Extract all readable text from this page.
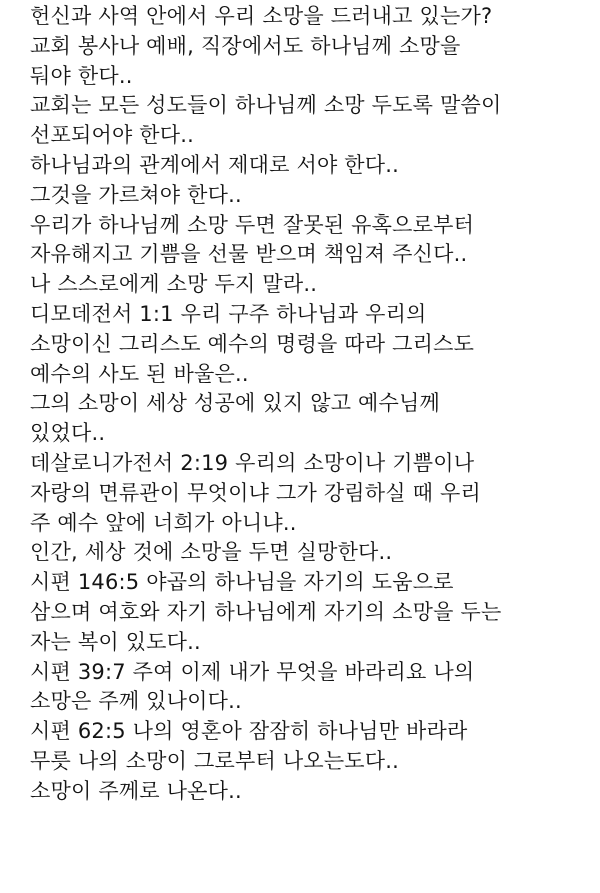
헌신과 사역 안에서 우리 소망을 드러내고 있는가?
교회 봉사나 예배, 직장에서도 하나님께 소망을
둬야 한다..
교회는 모든 성도들이 하나님께 소망 두도록 말씀이
선포되어야 한다..
하나님과의 관계에서 제대로 서야 한다..
그것을 가르쳐야 한다..
우리가 하나님께 소망 두면 잘못된 유혹으로부터
자유해지고 기쁨을 선물 받으며 책임져 주신다..
나 스스로에게 소망 두지 말라..
디모데전서 1:1 우리 구주 하나님과 우리의
소망이신 그리스도 예수의 명령을 따라 그리스도
예수의 사도 된 바울은..
그의 소망이 세상 성공에 있지 않고 예수님께
있었다..
데살로니가전서 2:19 우리의 소망이나 기쁨이나
자랑의 면류관이 무엇이냐 그가 강림하실 때 우리
주 예수 앞에 너희가 아니냐..
인간, 세상 것에 소망을 두면 실망한다..
시편 146:5 야곱의 하나님을 자기의 도움으로
삼으며 여호와 자기 하나님에게 자기의 소망을 두는
자는 복이 있도다..
시편 39:7 주여 이제 내가 무엇을 바라리요 나의
소망은 주께 있나이다..
시편 62:5 나의 영혼아 잠잠히 하나님만 바라라
무릇 나의 소망이 그로부터 나오는도다..
소망이 주께로 나온다..
